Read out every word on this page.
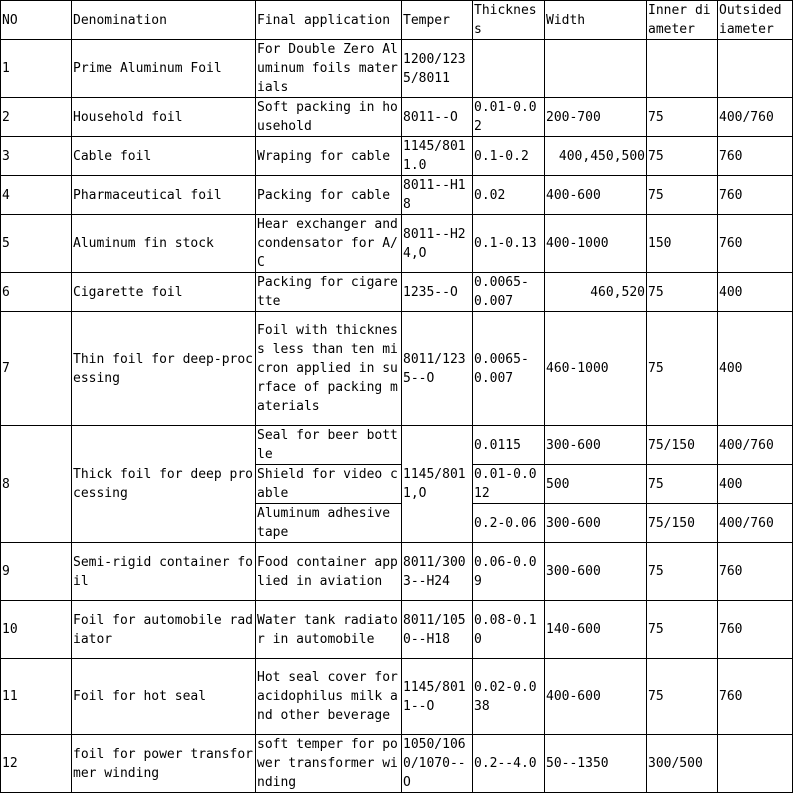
NO	Denomination	Final application	Temper	Thickness	Width	Inner diameter	Outsided iameter
1	Prime Aluminum Foil	For Double Zero Aluminum foils materials	1200/1235/8011				
2	Household foil	Soft packing in household	8011--O	0.01-0.02	200-700	75	400/760
3	Cable foil	Wraping for cable	1145/8011.0	0.1-0.2	400,450,500	75	760
4	Pharmaceutical foil	Packing for cable	8011--H18	0.02	400-600	75	760
5	Aluminum fin stock	Hear exchanger and condensator for A/C	8011--H24,O	0.1-0.13	400-1000	150	760
6	Cigarette foil	Packing for cigarette	1235--O	0.0065-0.007	460,520	75	400
7	Thin foil for deep-processing	Foil with thickness less than ten micron applied in surface of packing materials	8011/1235--O	0.0065-0.007	460-1000	75	400
8	Thick foil for deep processing	Seal for beer bottle	1145/8011,O	0.0115	300-600	75/150	400/760
		Shield for video cable		0.01-0.012	500	75	400
		Aluminum adhesive tape		0.2-0.06	300-600	75/150	400/760
9	Semi-rigid container foil	Food container applied in aviation	8011/3003--H24	0.06-0.09	300-600	75	760
10	Foil for automobile radiator	Water tank radiator in automobile	8011/1050--H18	0.08-0.10	140-600	75	760
11	Foil for hot seal	Hot seal cover for acidophilus milk and other beverage	1145/8011--O	0.02-0.038	400-600	75	760
12	foil for power transformer winding	soft temper for power transformer winding	1050/1060/1070--O	0.2--4.0	50--1350	300/500	
